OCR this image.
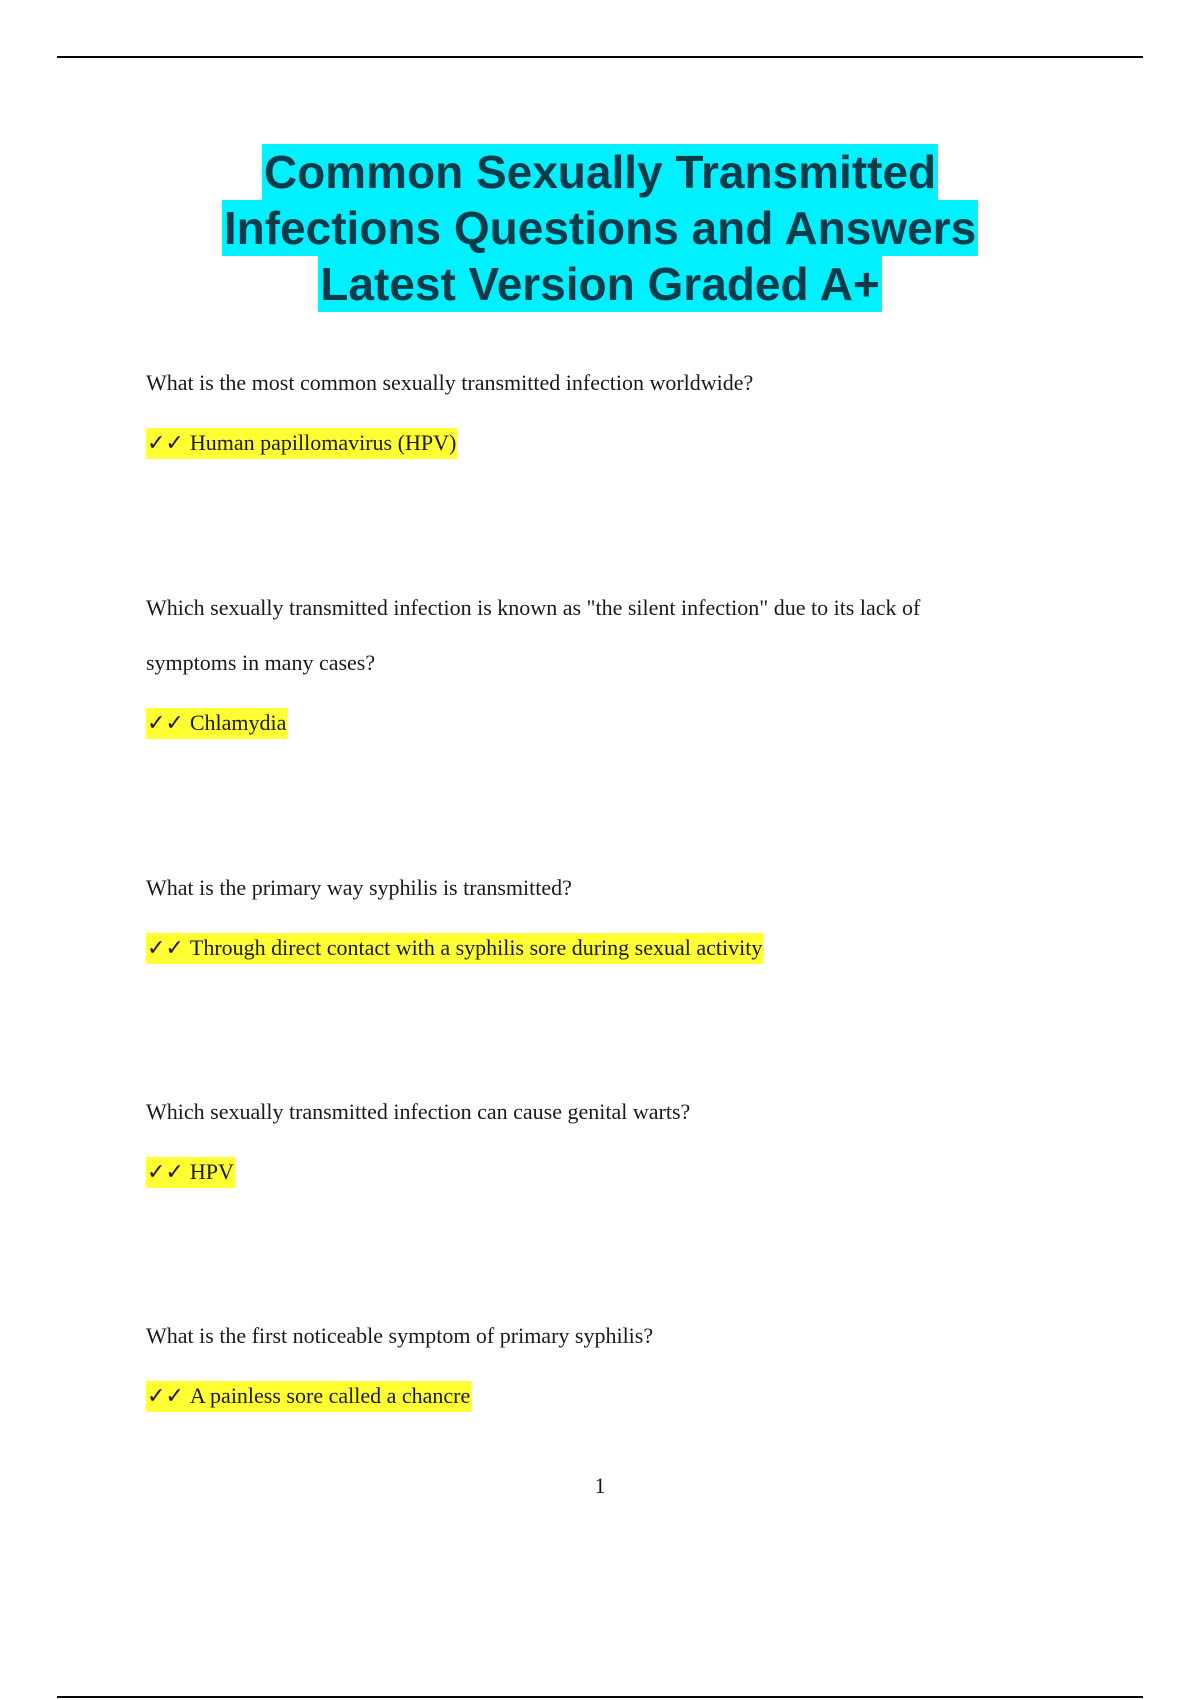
Common Sexually Transmitted
Infections Questions and Answers
Latest Version Graded A+
What is the most common sexually transmitted infection worldwide?
✓✓ Human papillomavirus (HPV)
Which sexually transmitted infection is known as "the silent infection" due to its lack of
symptoms in many cases?
✓✓ Chlamydia
What is the primary way syphilis is transmitted?
✓✓ Through direct contact with a syphilis sore during sexual activity
Which sexually transmitted infection can cause genital warts?
✓✓ HPV
What is the first noticeable symptom of primary syphilis?
✓✓ A painless sore called a chancre
1
